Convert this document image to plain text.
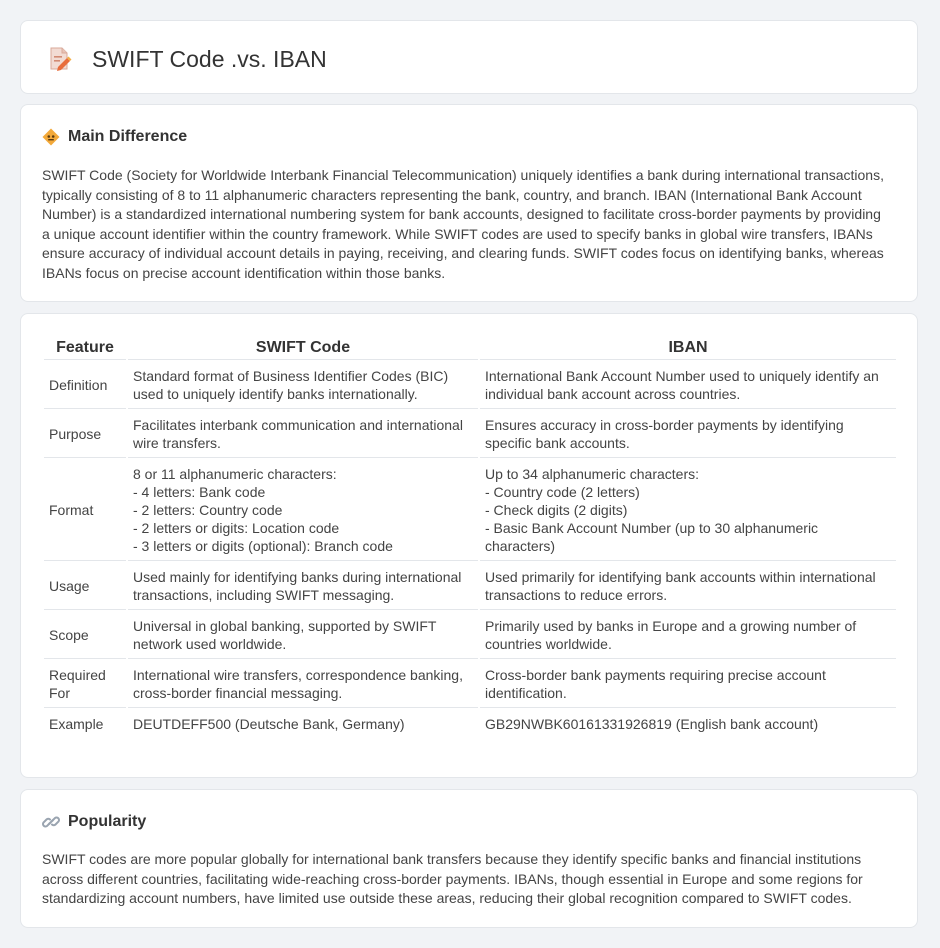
SWIFT Code .vs. IBAN
Main Difference

SWIFT Code (Society for Worldwide Interbank Financial Telecommunication) uniquely identifies a bank during international transactions, typically consisting of 8 to 11 alphanumeric characters representing the bank, country, and branch. IBAN (International Bank Account Number) is a standardized international numbering system for bank accounts, designed to facilitate cross-border payments by providing a unique account identifier within the country framework. While SWIFT codes are used to specify banks in global wire transfers, IBANs ensure accuracy of individual account details in paying, receiving, and clearing funds. SWIFT codes focus on identifying banks, whereas IBANs focus on precise account identification within those banks.

Feature	SWIFT Code	IBAN
Definition	Standard format of Business Identifier Codes (BIC) used to uniquely identify banks internationally.	International Bank Account Number used to uniquely identify an individual bank account across countries.
Purpose	Facilitates interbank communication and international wire transfers.	Ensures accuracy in cross-border payments by identifying specific bank accounts.
Format	8 or 11 alphanumeric characters:
- 4 letters: Bank code
- 2 letters: Country code
- 2 letters or digits: Location code
- 3 letters or digits (optional): Branch code	Up to 34 alphanumeric characters:
- Country code (2 letters)
- Check digits (2 digits)
- Basic Bank Account Number (up to 30 alphanumeric characters)
Usage	Used mainly for identifying banks during international transactions, including SWIFT messaging.	Used primarily for identifying bank accounts within international transactions to reduce errors.
Scope	Universal in global banking, supported by SWIFT network used worldwide.	Primarily used by banks in Europe and a growing number of countries worldwide.
Required For	International wire transfers, correspondence banking, cross-border financial messaging.	Cross-border bank payments requiring precise account identification.
Example	DEUTDEFF500 (Deutsche Bank, Germany)	GB29NWBK60161331926819 (English bank account)
Popularity

SWIFT codes are more popular globally for international bank transfers because they identify specific banks and financial institutions across different countries, facilitating wide-reaching cross-border payments. IBANs, though essential in Europe and some regions for standardizing account numbers, have limited use outside these areas, reducing their global recognition compared to SWIFT codes.
